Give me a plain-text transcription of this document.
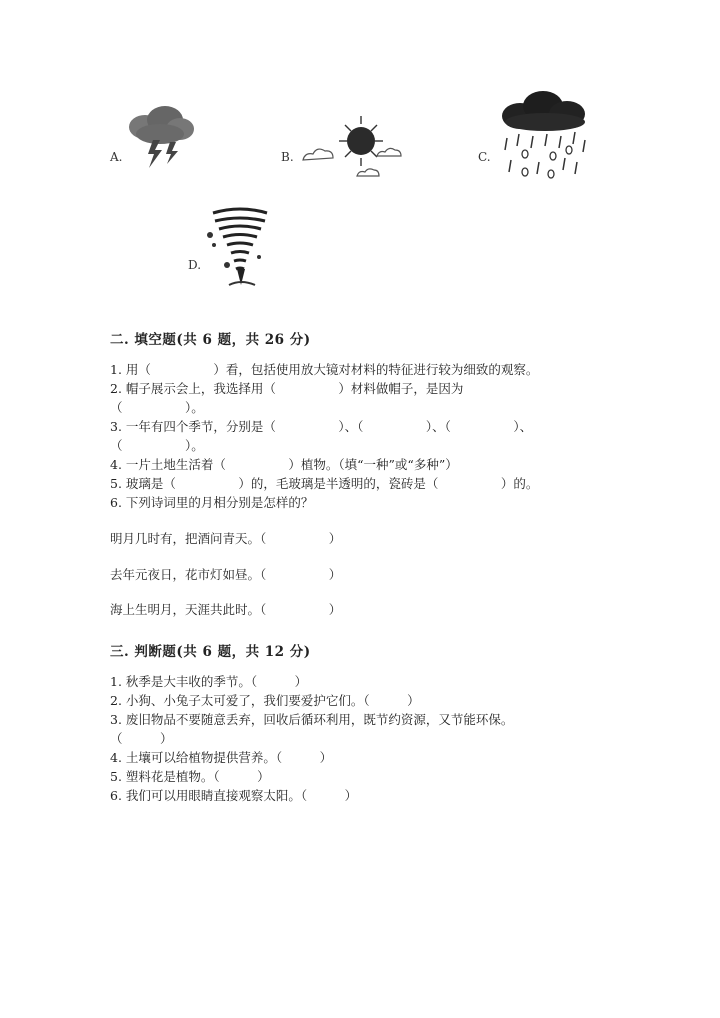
A.	B.	C.
D.
二. 填空题(共 6 题，共 26 分)
1. 用（　　　　　）看，包括使用放大镜对材料的特征进行较为细致的观察。
2. 帽子展示会上，我选择用（　　　　　）材料做帽子，是因为
（　　　　　）。
3. 一年有四个季节，分别是（　　　　　）、（　　　　　）、（　　　　　）、
（　　　　　）。
4. 一片土地生活着（　　　　　）植物。（填“一种”或“多种”）
5. 玻璃是（　　　　　）的，毛玻璃是半透明的，瓷砖是（　　　　　）的。
6. 下列诗词里的月相分别是怎样的？
明月几时有，把酒问青天。（　　　　　）
去年元夜日，花市灯如昼。（　　　　　）
海上生明月，天涯共此时。（　　　　　）
三. 判断题(共 6 题，共 12 分)
1. 秋季是大丰收的季节。（　　　）
2. 小狗、小兔子太可爱了，我们要爱护它们。（　　　）
3. 废旧物品不要随意丢弃，回收后循环利用，既节约资源，又节能环保。
（　　　）
4. 土壤可以给植物提供营养。（　　　）
5. 塑料花是植物。（　　　）
6. 我们可以用眼睛直接观察太阳。（　　　）
